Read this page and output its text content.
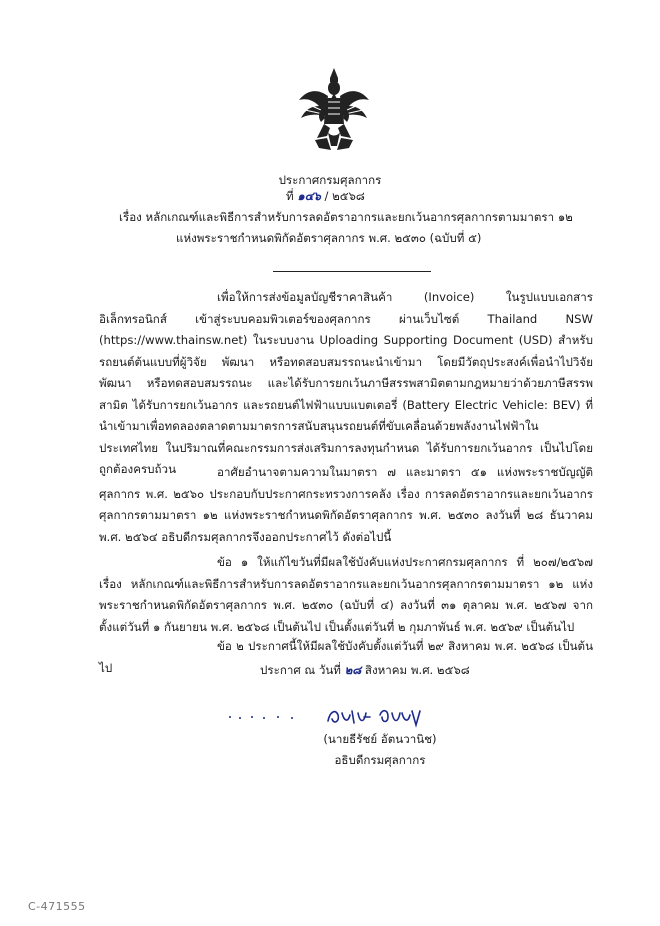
ประกาศกรมศุลกากร
ที่ ๑๔๖ / ๒๕๖๘
เรื่อง หลักเกณฑ์และพิธีการสำหรับการลดอัตราอากรและยกเว้นอากรศุลกากรตามมาตรา ๑๒
แห่งพระราชกำหนดพิกัดอัตราศุลกากร พ.ศ. ๒๕๓๐ (ฉบับที่ ๕)
เพื่อให้การส่งข้อมูลบัญชีราคาสินค้า (Invoice) ในรูปแบบเอกสารอิเล็กทรอนิกส์ เข้าสู่ระบบคอมพิวเตอร์ของศุลกากร ผ่านเว็บไซต์ Thailand NSW (https://www.thainsw.net) ในระบบงาน Uploading Supporting Document (USD) สำหรับรถยนต์ต้นแบบที่ผู้วิจัย พัฒนา หรือทดสอบสมรรถนะนำเข้ามา โดยมีวัตถุประสงค์เพื่อนำไปวิจัย พัฒนา หรือทดสอบสมรรถนะ และได้รับการยกเว้นภาษีสรรพสามิตตามกฎหมายว่าด้วยภาษีสรรพสามิต ได้รับการยกเว้นอากร และรถยนต์ไฟฟ้าแบบแบตเตอรี่ (Battery Electric Vehicle: BEV) ที่นำเข้ามาเพื่อทดลองตลาดตามมาตรการสนับสนุนรถยนต์ที่ขับเคลื่อนด้วยพลังงานไฟฟ้าในประเทศไทย ในปริมาณที่คณะกรรมการส่งเสริมการลงทุนกำหนด ได้รับการยกเว้นอากร เป็นไปโดยถูกต้องครบถ้วน	อาศัยอำนาจตามความในมาตรา ๗ และมาตรา ๕๑ แห่งพระราชบัญญัติศุลกากร พ.ศ. ๒๕๖๐ ประกอบกับประกาศกระทรวงการคลัง เรื่อง การลดอัตราอากรและยกเว้นอากรศุลกากรตามมาตรา ๑๒ แห่งพระราชกำหนดพิกัดอัตราศุลกากร พ.ศ. ๒๕๓๐ ลงวันที่ ๒๘ ธันวาคม พ.ศ. ๒๕๖๔ อธิบดีกรมศุลกากรจึงออกประกาศไว้ ดังต่อไปนี้
ข้อ ๑ ให้แก้ไขวันที่มีผลใช้บังคับแห่งประกาศกรมศุลกากร ที่ ๒๐๗/๒๕๖๗ เรื่อง หลักเกณฑ์และพิธีการสำหรับการลดอัตราอากรและยกเว้นอากรศุลกากรตามมาตรา ๑๒ แห่งพระราชกำหนดพิกัดอัตราศุลกากร พ.ศ. ๒๕๓๐ (ฉบับที่ ๔) ลงวันที่ ๓๑ ตุลาคม พ.ศ. ๒๕๖๗ จากตั้งแต่วันที่ ๑ กันยายน พ.ศ. ๒๕๖๘ เป็นต้นไป เป็นตั้งแต่วันที่ ๒ กุมภาพันธ์ พ.ศ. ๒๕๖๙ เป็นต้นไป
ข้อ ๒ ประกาศนี้ให้มีผลใช้บังคับตั้งแต่วันที่ ๒๙ สิงหาคม พ.ศ. ๒๕๖๘ เป็นต้นไป	ประกาศ ณ วันที่ ๒๘ สิงหาคม พ.ศ. ๒๕๖๘
(นายธีรัชย์ อัตนวานิช)
อธิบดีกรมศุลกากร
C-471555
